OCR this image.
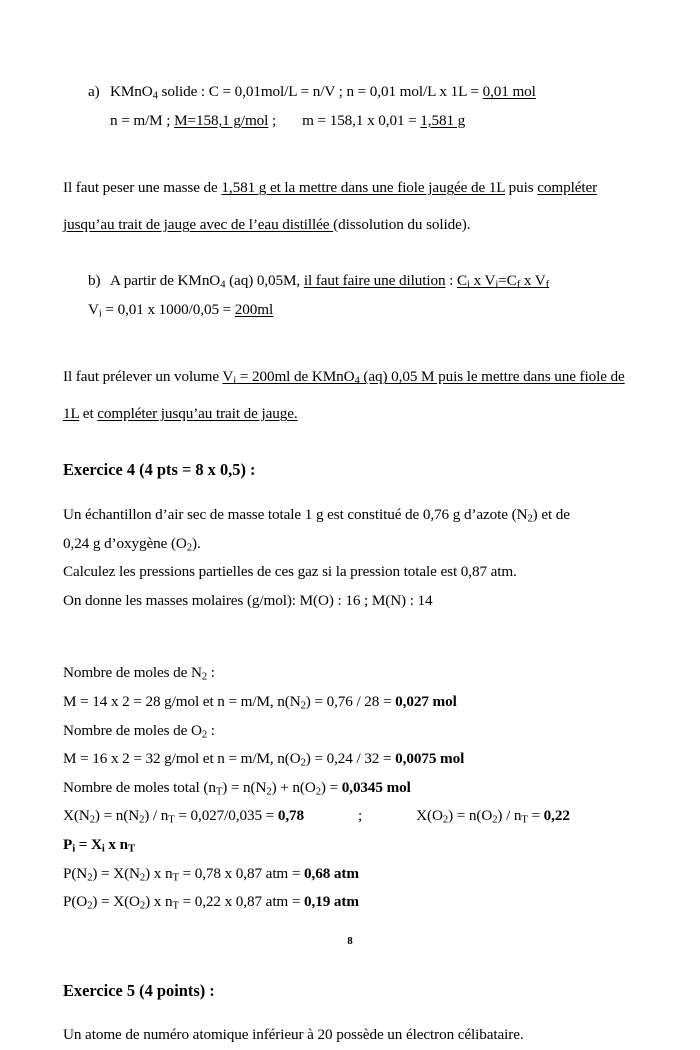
a) KMnO$_4$ solide : C = 0,01mol/L = n/V ; n = 0,01 mol/L x 1L = 0,01 mol
n = m/M ; M=158,1 g/mol ; m = 158,1 x 0,01 = 1,581 g
Il faut peser une masse de 1,581 g et la mettre dans une fiole jaugée de 1L puis compléter jusqu’au trait de jauge avec de l’eau distillée (dissolution du solide).
b) A partir de KMnO$_4$ (aq) 0,05M, il faut faire une dilution : $C_i$ x $V_i=C_f$ x $V_f$
$V_i = 0,01$ x 1000/0,05 = 200ml
Il faut prélever un volume $V_i = 200ml$ de KMnO$_4$ (aq) 0,05 M puis le mettre dans une fiole de 1L et compléter jusqu’au trait de jauge.
Exercice 4 (4 pts = 8 x 0,5) :
Un échantillon d’air sec de masse totale 1 g est constitué de 0,76 g d’azote $(N_2)$ et de
0,24 g d’oxygène $(O_2)$.
Calculez les pressions partielles de ces gaz si la pression totale est 0,87 atm.
On donne les masses molaires (g/mol): M(O) : 16 ; M(N) : 14
Nombre de moles de $N_2$ :
M = 14 x 2 = 28 g/mol et n = m/M, $n(N_2) = 0,76 / 28 = 0,027$ mol
Nombre de moles de $O_2$ :
M = 16 x 2 = 32 g/mol et n = m/M, $n(O_2) = 0,24 / 32 = 0,0075$ mol
Nombre de moles total $(n_T) = n(N_2) + n(O_2) = 0,0345$ mol
$X(N_2) = n(N_2) / n_T = 0,027/0,035 = 0,78$	;	$X(O_2) = n(O_2) / n_T = 0,22$
$P_i = X_i$ x $n_T$
$P(N_2) = X(N_2)$ x $n_T = 0,78$ x 0,87 atm = 0,68 atm
$P(O_2) = X(O_2)$ x $n_T = 0,22$ x 0,87 atm = 0,19 atm
Exercice 5 (4 points) :
Un atome de numéro atomique inférieur à 20 possède un électron célibataire.
8
